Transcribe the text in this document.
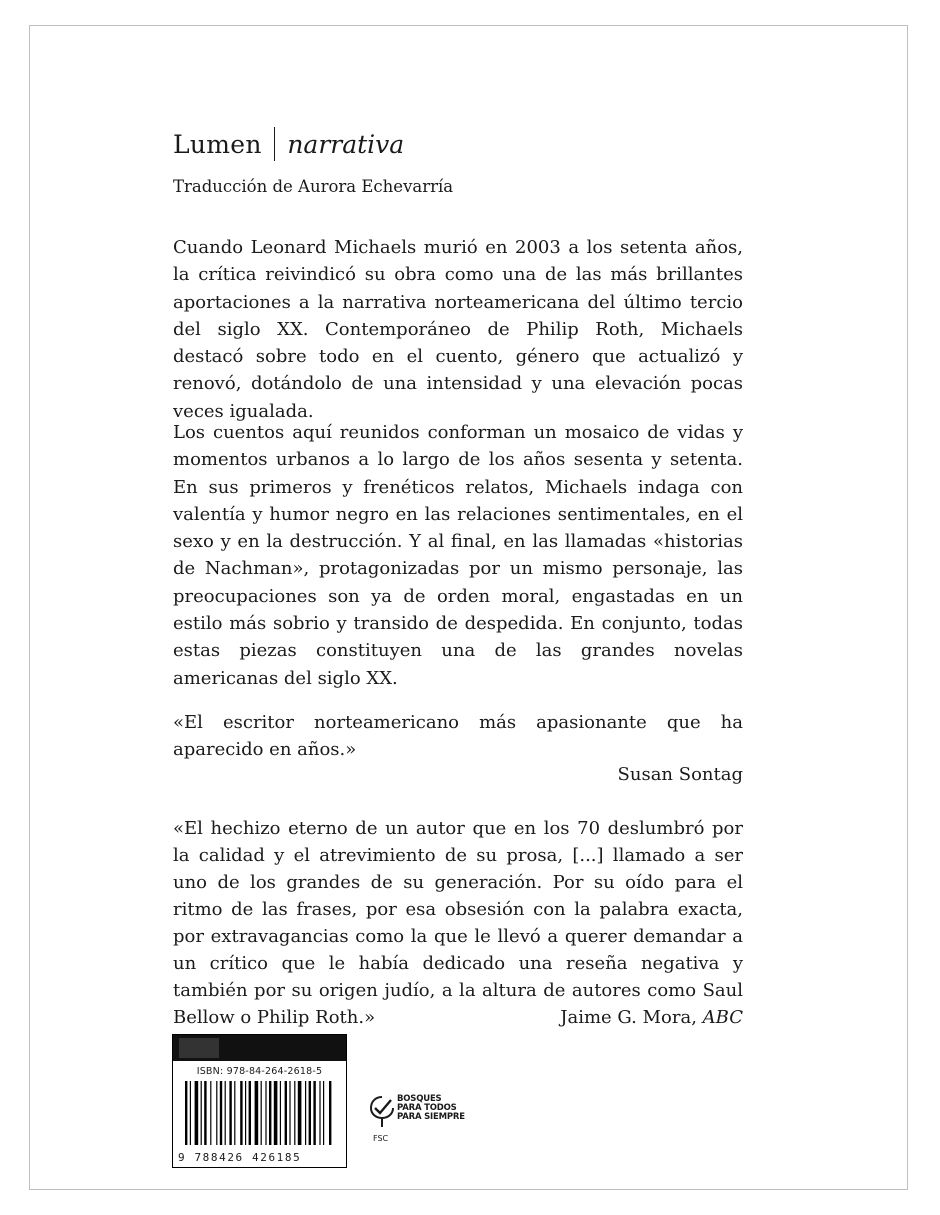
Lumen narrativa
Traducción de Aurora Echevarría

Cuando Leonard Michaels murió en 2003 a los setenta años, la crítica reivindicó su obra como una de las más brillantes aportaciones a la narrativa norteamericana del último tercio del siglo XX. Contemporáneo de Philip Roth, Michaels destacó sobre todo en el cuento, género que actualizó y renovó, dotándolo de una intensidad y una elevación pocas veces igualada.

Los cuentos aquí reunidos conforman un mosaico de vidas y momentos urbanos a lo largo de los años sesenta y setenta. En sus primeros y frenéticos relatos, Michaels indaga con valentía y humor negro en las relaciones sentimentales, en el sexo y en la destrucción. Y al final, en las llamadas «historias de Nachman», protagonizadas por un mismo personaje, las preocupaciones son ya de orden moral, engastadas en un estilo más sobrio y transido de despedida. En conjunto, todas estas piezas constituyen una de las grandes novelas americanas del siglo XX.

«El escritor norteamericano más apasionante que ha aparecido en años.»

Susan Sontag

«El hechizo eterno de un autor que en los 70 deslumbró por la calidad y el atrevimiento de su prosa, [...] llamado a ser uno de los grandes de su generación. Por su oído para el ritmo de las frases, por esa obsesión con la palabra exacta, por extravagancias como la que le llevó a querer demandar a un crítico que le había dedicado una reseña negativa y también por su origen judío, a la altura de autores como Saul Bellow o Philip Roth.»	Jaime G. Mora, ABC
ISBN: 978-84-264-2618-5
9 788426 426185
BOSQUES
PARA TODOS
PARA SIEMPRE
FSC
